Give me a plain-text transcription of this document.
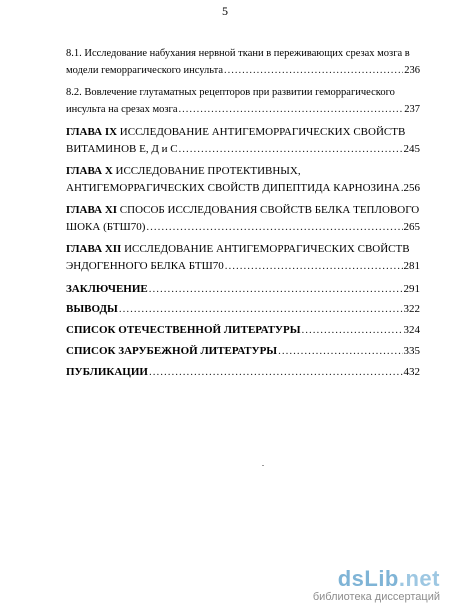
5
8.1. Исследование набухания нервной ткани в переживающих срезах мозга в
модели геморрагического инсульта .....	236
8.2. Вовлечение глутаматных рецепторов при развитии геморрагического
инсульта на срезах мозга .....	237
ГЛАВА IX ИССЛЕДОВАНИЕ АНТИГЕМОРРАГИЧЕСКИХ СВОЙСТВ
ВИТАМИНОВ Е, Д и С .....	245
ГЛАВА Х ИССЛЕДОВАНИЕ ПРОТЕКТИВНЫХ,
АНТИГЕМОРРАГИЧЕСКИХ СВОЙСТВ ДИПЕПТИДА КАРНОЗИНА ..... 256
ГЛАВА XI СПОСОБ ИССЛЕДОВАНИЯ СВОЙСТВ БЕЛКА ТЕПЛОВОГО
ШОКА (БТШ70) .....	265
ГЛАВА XII ИССЛЕДОВАНИЕ АНТИГЕМОРРАГИЧЕСКИХ СВОЙСТВ
ЭНДОГЕННОГО БЕЛКА БТШ70 .....	281
ЗАКЛЮЧЕНИЕ .....	291
ВЫВОДЫ .....	322
СПИСОК ОТЕЧЕСТВЕННОЙ ЛИТЕРАТУРЫ .....	324
СПИСОК ЗАРУБЕЖНОЙ ЛИТЕРАТУРЫ .....	335
ПУБЛИКАЦИИ .....	432
dsLib.net
библиотека диссертаций
